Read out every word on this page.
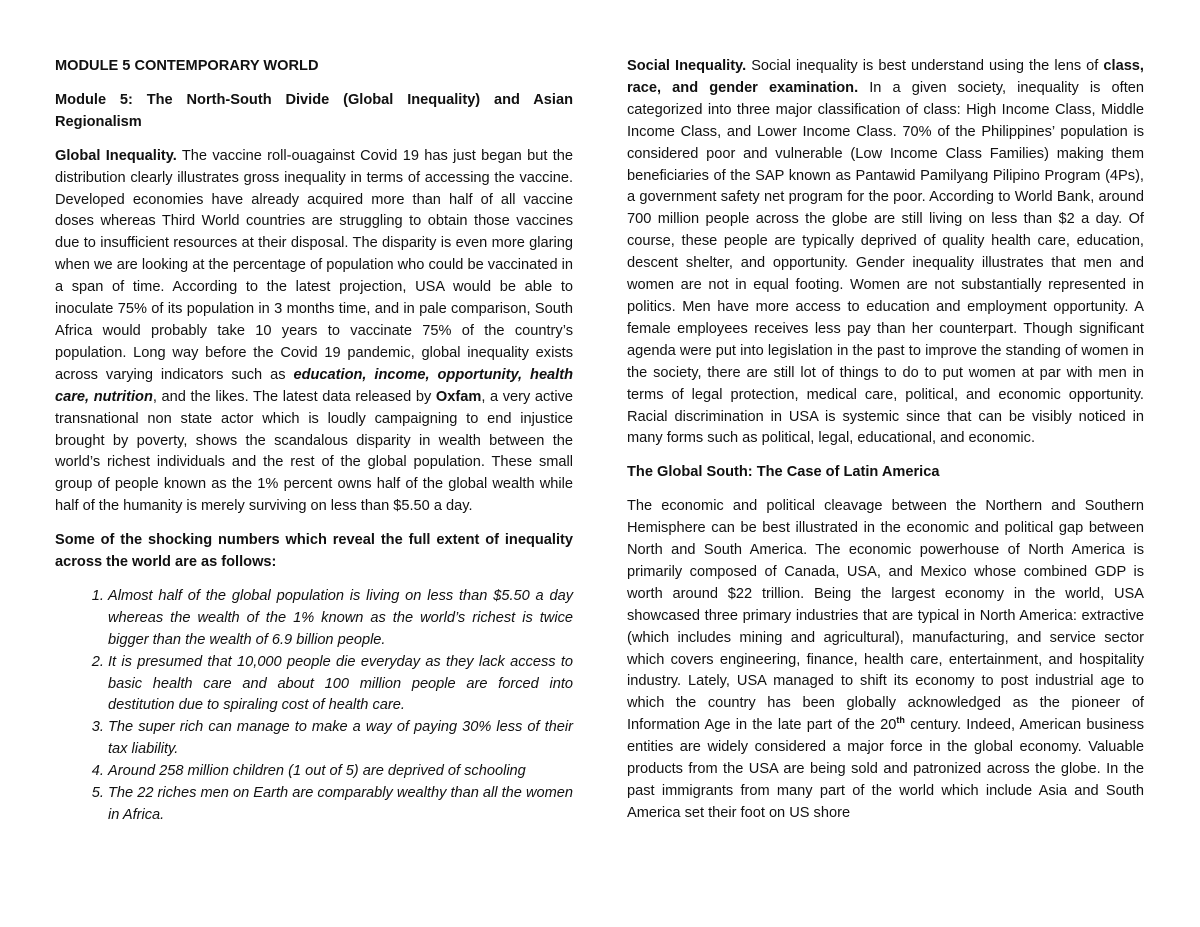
MODULE 5 CONTEMPORARY WORLD

Module 5: The North-South Divide (Global Inequality) and Asian Regionalism

Global Inequality. The vaccine roll-ouagainst Covid 19 has just began but the distribution clearly illustrates gross inequality in terms of accessing the vaccine. Developed economies have already acquired more than half of all vaccine doses whereas Third World countries are struggling to obtain those vaccines due to insufficient resources at their disposal. The disparity is even more glaring when we are looking at the percentage of population who could be vaccinated in a span of time. According to the latest projection, USA would be able to inoculate 75% of its population in 3 months time, and in pale comparison, South Africa would probably take 10 years to vaccinate 75% of the country’s population. Long way before the Covid 19 pandemic, global inequality exists across varying indicators such as education, income, opportunity, health care, nutrition, and the likes. The latest data released by Oxfam, a very active transnational non state actor which is loudly campaigning to end injustice brought by poverty, shows the scandalous disparity in wealth between the world’s richest individuals and the rest of the global population. These small group of people known as the 1% percent owns half of the global wealth while half of the humanity is merely surviving on less than $5.50 a day.

Some of the shocking numbers which reveal the full extent of inequality across the world are as follows:

1. Almost half of the global population is living on less than $5.50 a day whereas the wealth of the 1% known as the world’s richest is twice bigger than the wealth of 6.9 billion people.
2. It is presumed that 10,000 people die everyday as they lack access to basic health care and about 100 million people are forced into destitution due to spiraling cost of health care.
3. The super rich can manage to make a way of paying 30% less of their tax liability.
4. Around 258 million children (1 out of 5) are deprived of schooling
5. The 22 riches men on Earth are comparably wealthy than all the women in Africa.

Social Inequality. Social inequality is best understand using the lens of class, race, and gender examination. In a given society, inequality is often categorized into three major classification of class: High Income Class, Middle Income Class, and Lower Income Class. 70% of the Philippines’ population is considered poor and vulnerable (Low Income Class Families) making them beneficiaries of the SAP known as Pantawid Pamilyang Pilipino Program (4Ps), a government safety net program for the poor. According to World Bank, around 700 million people across the globe are still living on less than $2 a day. Of course, these people are typically deprived of quality health care, education, descent shelter, and opportunity. Gender inequality illustrates that men and women are not in equal footing. Women are not substantially represented in politics. Men have more access to education and employment opportunity. A female employees receives less pay than her counterpart. Though significant agenda were put into legislation in the past to improve the standing of women in the society, there are still lot of things to do to put women at par with men in terms of legal protection, medical care, political, and economic opportunity. Racial discrimination in USA is systemic since that can be visibly noticed in many forms such as political, legal, educational, and economic.

The Global South: The Case of Latin America

The economic and political cleavage between the Northern and Southern Hemisphere can be best illustrated in the economic and political gap between North and South America. The economic powerhouse of North America is primarily composed of Canada, USA, and Mexico whose combined GDP is worth around $22 trillion. Being the largest economy in the world, USA showcased three primary industries that are typical in North America: extractive (which includes mining and agricultural), manufacturing, and service sector which covers engineering, finance, health care, entertainment, and hospitality industry. Lately, USA managed to shift its economy to post industrial age to which the country has been globally acknowledged as the pioneer of Information Age in the late part of the 20th century. Indeed, American business entities are widely considered a major force in the global economy. Valuable products from the USA are being sold and patronized across the globe. In the past immigrants from many part of the world which include Asia and South America set their foot on US shore
